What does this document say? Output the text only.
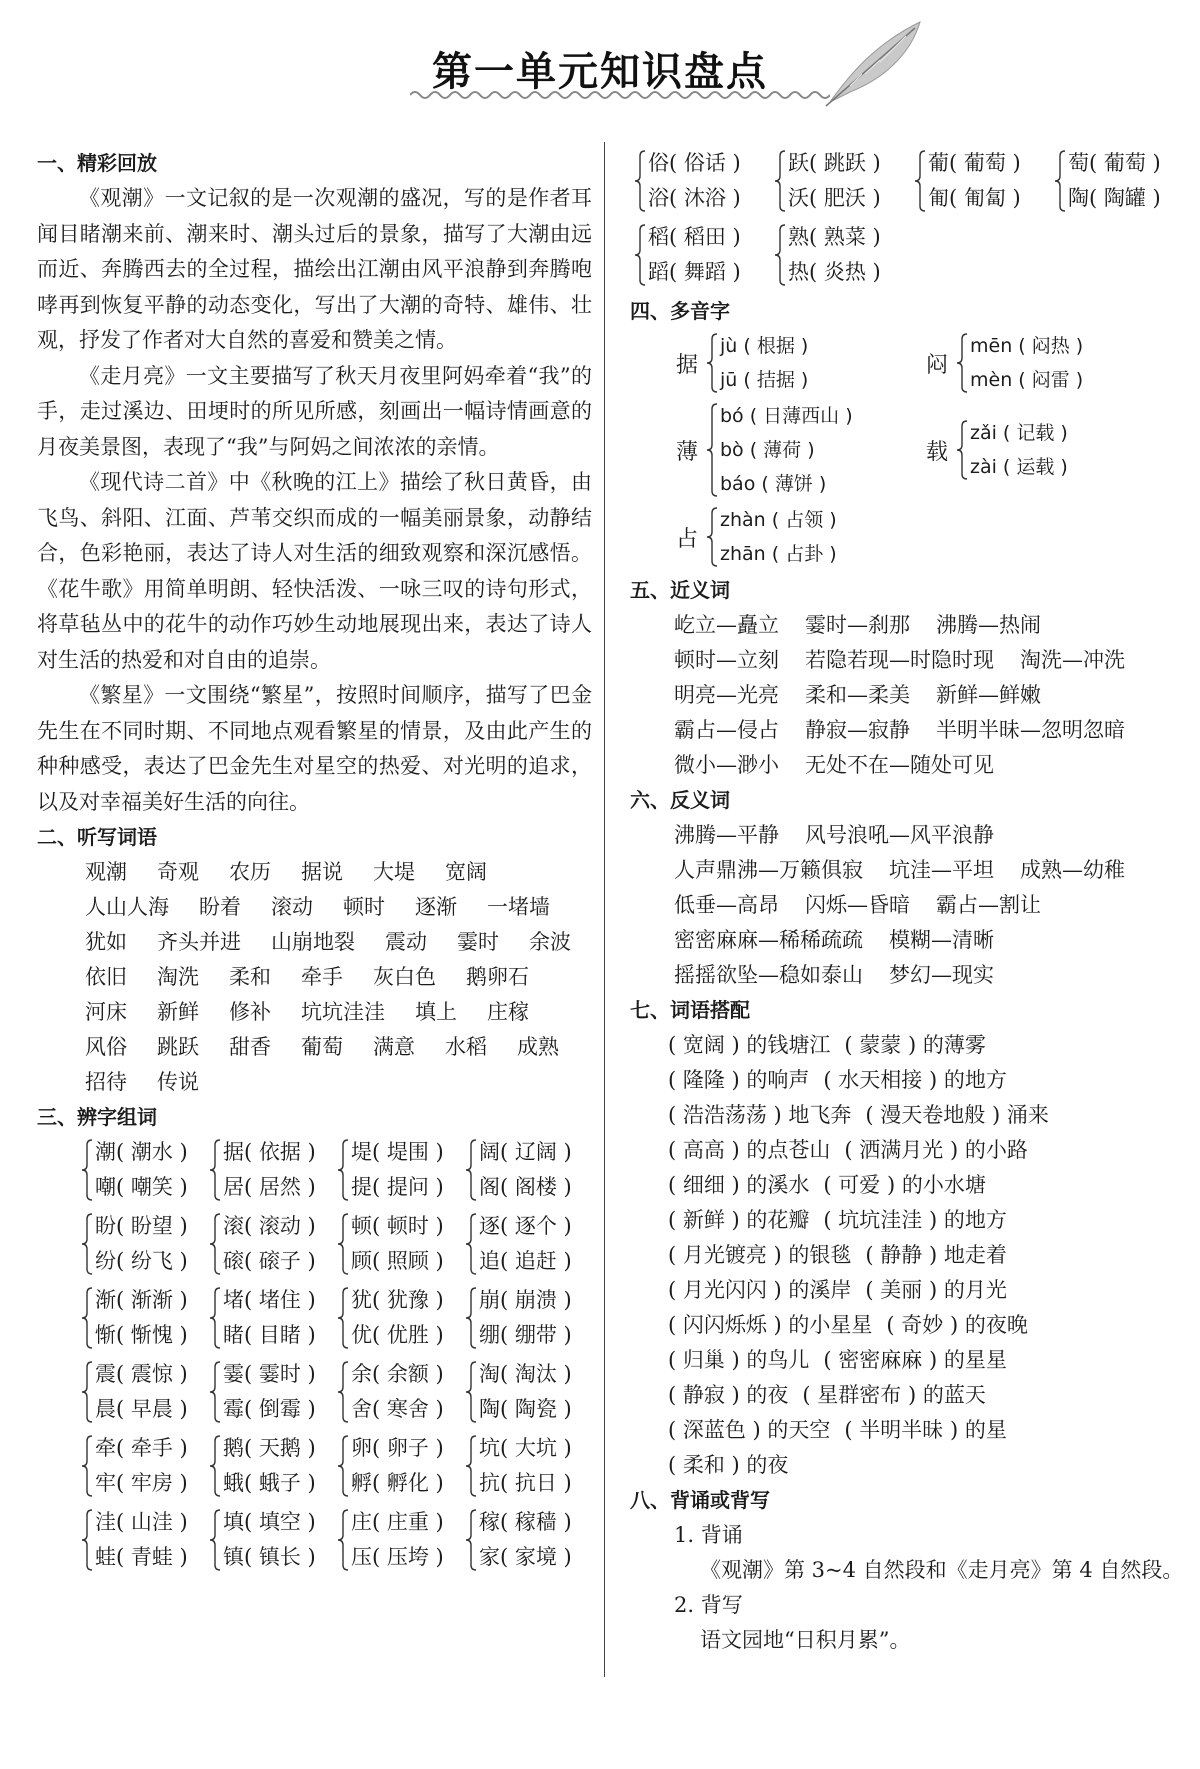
第一单元知识盘点
一、精彩回放

《观潮》一文记叙的是一次观潮的盛况，写的是作者耳闻目睹潮来前、潮来时、潮头过后的景象，描写了大潮由远而近、奔腾西去的全过程，描绘出江潮由风平浪静到奔腾咆哮再到恢复平静的动态变化，写出了大潮的奇特、雄伟、壮观，抒发了作者对大自然的喜爱和赞美之情。

《走月亮》一文主要描写了秋天月夜里阿妈牵着“我”的手，走过溪边、田埂时的所见所感，刻画出一幅诗情画意的月夜美景图，表现了“我”与阿妈之间浓浓的亲情。

《现代诗二首》中《秋晚的江上》描绘了秋日黄昏，由飞鸟、斜阳、江面、芦苇交织而成的一幅美丽景象，动静结合，色彩艳丽，表达了诗人对生活的细致观察和深沉感悟。《花牛歌》用简单明朗、轻快活泼、一咏三叹的诗句形式，将草毡丛中的花牛的动作巧妙生动地展现出来，表达了诗人对生活的热爱和对自由的追崇。

《繁星》一文围绕“繁星”，按照时间顺序，描写了巴金先生在不同时期、不同地点观看繁星的情景，及由此产生的种种感受，表达了巴金先生对星空的热爱、对光明的追求，以及对幸福美好生活的向往。

二、听写词语
观潮 奇观 农历 据说 大堤 宽阔
人山人海 盼着 滚动 顿时 逐渐 一堵墙
犹如 齐头并进 山崩地裂 震动 霎时 余波
依旧 淘洗 柔和 牵手 灰白色 鹅卵石
河床 新鲜 修补 坑坑洼洼 填上 庄稼
风俗 跳跃 甜香 葡萄 满意 水稻 成熟
招待 传说
三、辨字组词
潮( 潮水 )
嘲( 嘲笑 )
据( 依据 )
居( 居然 )
堤( 堤围 )
提( 提问 )
阔( 辽阔 )
阁( 阁楼 )
盼( 盼望 )
纷( 纷飞 )
滚( 滚动 )
磙( 磙子 )
顿( 顿时 )
顾( 照顾 )
逐( 逐个 )
追( 追赶 )
渐( 渐渐 )
惭( 惭愧 )
堵( 堵住 )
睹( 目睹 )
犹( 犹豫 )
优( 优胜 )
崩( 崩溃 )
绷( 绷带 )
震( 震惊 )
晨( 早晨 )
霎( 霎时 )
霉( 倒霉 )
余( 余额 )
舍( 寒舍 )
淘( 淘汰 )
陶( 陶瓷 )
牵( 牵手 )
牢( 牢房 )
鹅( 天鹅 )
蛾( 蛾子 )
卵( 卵子 )
孵( 孵化 )
坑( 大坑 )
抗( 抗日 )
洼( 山洼 )
蛙( 青蛙 )
填( 填空 )
镇( 镇长 )
庄( 庄重 )
压( 压垮 )
稼( 稼穑 )
家( 家境 )
俗( 俗话 )
浴( 沐浴 )
跃( 跳跃 )
沃( 肥沃 )
葡( 葡萄 )
匍( 匍匐 )
萄( 葡萄 )
陶( 陶罐 )
稻( 稻田 )
蹈( 舞蹈 )
熟( 熟菜 )
热( 炎热 )
四、多音字
据
jù ( 根据 )
jū ( 拮据 )
闷
mēn ( 闷热 )
mèn ( 闷雷 )
薄
bó ( 日薄西山 )
bò ( 薄荷 )
báo ( 薄饼 )
载
zǎi ( 记载 )
zài ( 运载 )
占
zhàn ( 占领 )
zhān ( 占卦 )
五、近义词
屹立—矗立 霎时—刹那 沸腾—热闹
顿时—立刻 若隐若现—时隐时现 淘洗—冲洗
明亮—光亮 柔和—柔美 新鲜—鲜嫩
霸占—侵占 静寂—寂静 半明半昧—忽明忽暗
微小—渺小 无处不在—随处可见
六、反义词
沸腾—平静 风号浪吼—风平浪静
人声鼎沸—万籁俱寂 坑洼—平坦 成熟—幼稚
低垂—高昂 闪烁—昏暗 霸占—割让
密密麻麻—稀稀疏疏 模糊—清晰
摇摇欲坠—稳如泰山 梦幻—现实
七、词语搭配
( 宽阔 ) 的钱塘江 ( 蒙蒙 ) 的薄雾
( 隆隆 ) 的响声 ( 水天相接 ) 的地方
( 浩浩荡荡 ) 地飞奔 ( 漫天卷地般 ) 涌来
( 高高 ) 的点苍山 ( 洒满月光 ) 的小路
( 细细 ) 的溪水 ( 可爱 ) 的小水塘
( 新鲜 ) 的花瓣 ( 坑坑洼洼 ) 的地方
( 月光镀亮 ) 的银毯 ( 静静 ) 地走着
( 月光闪闪 ) 的溪岸 ( 美丽 ) 的月光
( 闪闪烁烁 ) 的小星星 ( 奇妙 ) 的夜晚
( 归巢 ) 的鸟儿 ( 密密麻麻 ) 的星星
( 静寂 ) 的夜 ( 星群密布 ) 的蓝天
( 深蓝色 ) 的天空 ( 半明半昧 ) 的星
( 柔和 ) 的夜
八、背诵或背写
1. 背诵
《观潮》第 3~4 自然段和《走月亮》第 4 自然段。
2. 背写
语文园地“日积月累”。
